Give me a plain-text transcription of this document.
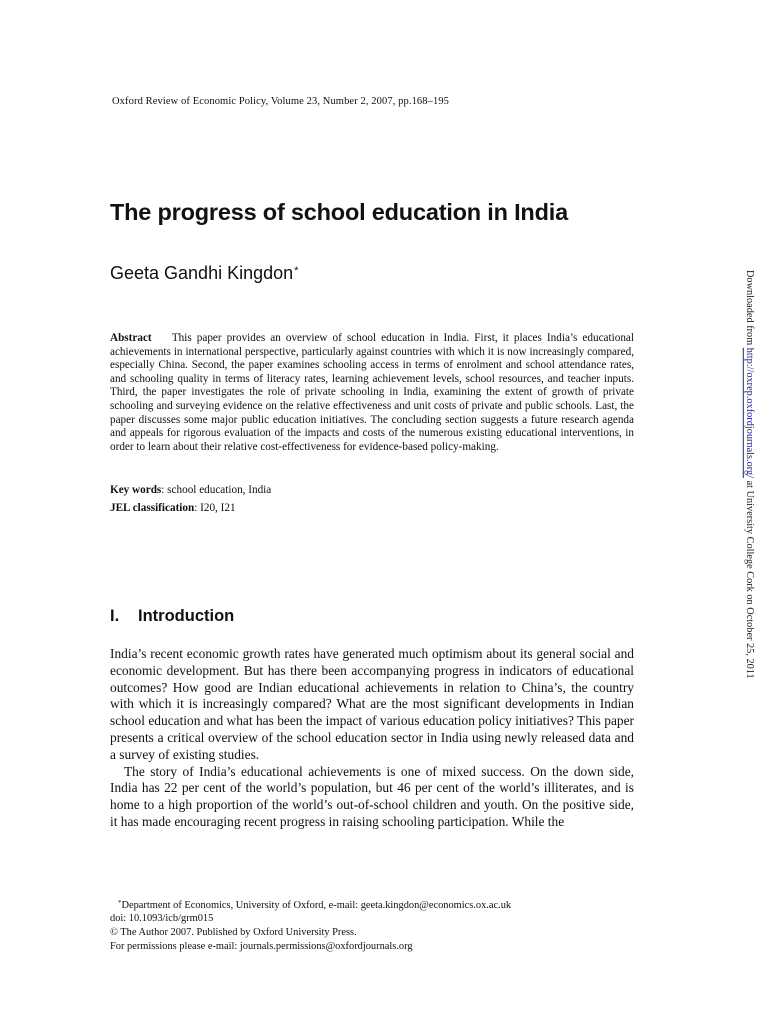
Oxford Review of Economic Policy, Volume 23, Number 2, 2007, pp.168–195
The progress of school education in India
Geeta Gandhi Kingdon*

Abstract This paper provides an overview of school education in India. First, it places India’s educational achievements in international perspective, particularly against countries with which it is now increasingly compared, especially China. Second, the paper examines schooling access in terms of enrolment and school attendance rates, and schooling quality in terms of literacy rates, learning achievement levels, school resources, and teacher inputs. Third, the paper investigates the role of private schooling in India, examining the extent of growth of private schooling and surveying evidence on the relative effectiveness and unit costs of private and public schools. Last, the paper discusses some major public education initiatives. The concluding section suggests a future research agenda and appeals for rigorous evaluation of the impacts and costs of the numerous existing educational interventions, in order to learn about their relative cost-effectiveness for evidence-based policy-making.

Key words: school education, India
JEL classification: I20, I21
I. Introduction

India’s recent economic growth rates have generated much optimism about its general social and economic development. But has there been accompanying progress in indicators of educational outcomes? How good are Indian educational achievements in relation to China’s, the country with which it is increasingly compared? What are the most significant developments in Indian school education and what has been the impact of various education policy initiatives? This paper presents a critical overview of the school education sector in India using newly released data and a survey of existing studies.

The story of India’s educational achievements is one of mixed success. On the down side, India has 22 per cent of the world’s population, but 46 per cent of the world’s illiterates, and is home to a high proportion of the world’s out-of-school children and youth. On the positive side, it has made encouraging recent progress in raising schooling participation. While the

*Department of Economics, University of Oxford, e-mail: geeta.kingdon@economics.ox.ac.uk
doi: 10.1093/icb/grm015
© The Author 2007. Published by Oxford University Press.
For permissions please e-mail: journals.permissions@oxfordjournals.org
Downloaded from http://oxrep.oxfordjournals.org/ at University College Cork on October 25, 2011
